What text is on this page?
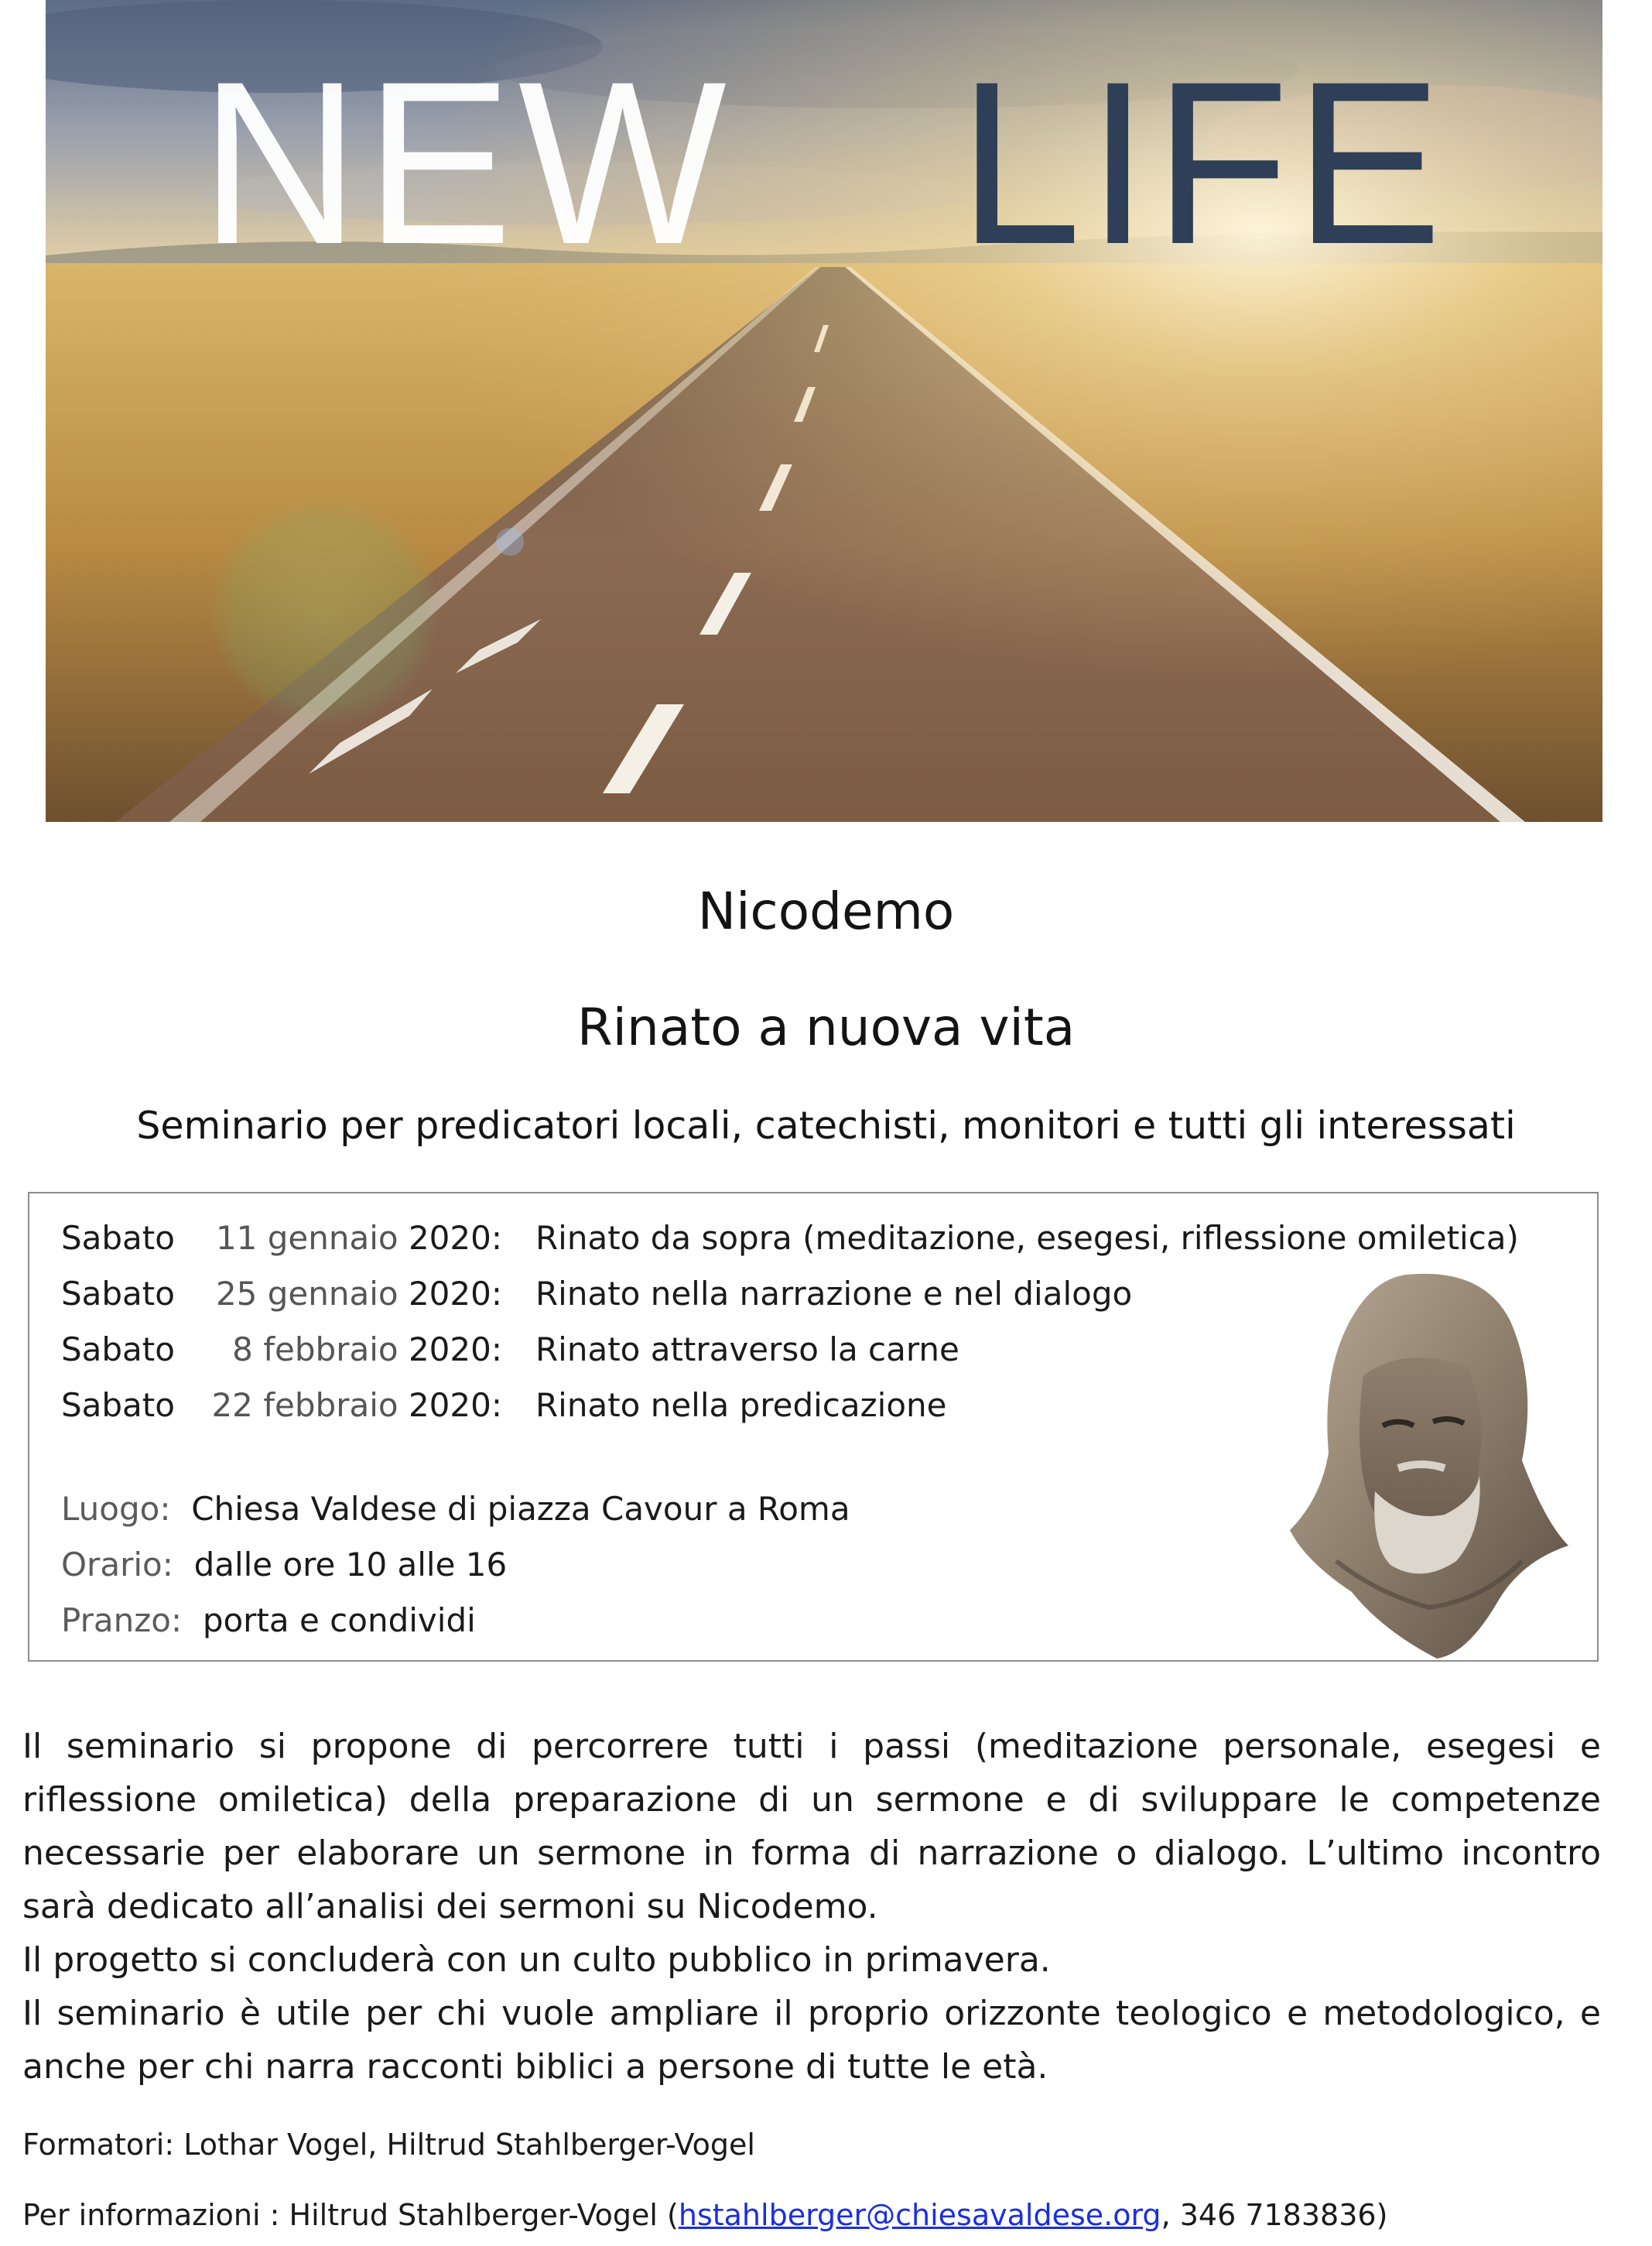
NEW  LIFE
Nicodemo
Rinato a nuova vita
Seminario per predicatori locali, catechisti, monitori e tutti gli interessati
Sabato	11 gennaio 2020: Rinato da sopra (meditazione, esegesi, riflessione omiletica)
Sabato	25 gennaio 2020: Rinato nella narrazione e nel dialogo
Sabato	8 febbraio 2020: Rinato attraverso la carne
Sabato	22 febbraio 2020: Rinato nella predicazione
Luogo: Chiesa Valdese di piazza Cavour a Roma
Orario: dalle ore 10 alle 16
Pranzo: porta e condividi

Il seminario si propone di percorrere tutti i passi (meditazione personale, esegesi e riflessione omiletica) della preparazione di un sermone e di sviluppare le competenze necessarie per elaborare un sermone in forma di narrazione o dialogo. L’ultimo incontro sarà dedicato all’analisi dei sermoni su Nicodemo.

Il progetto si concluderà con un culto pubblico in primavera.

Il seminario è utile per chi vuole ampliare il proprio orizzonte teologico e metodologico, e anche per chi narra racconti biblici a persone di tutte le età.

Formatori: Lothar Vogel, Hiltrud Stahlberger-Vogel
Per informazioni : Hiltrud Stahlberger-Vogel (hstahlberger@chiesavaldese.org, 346 7183836)
